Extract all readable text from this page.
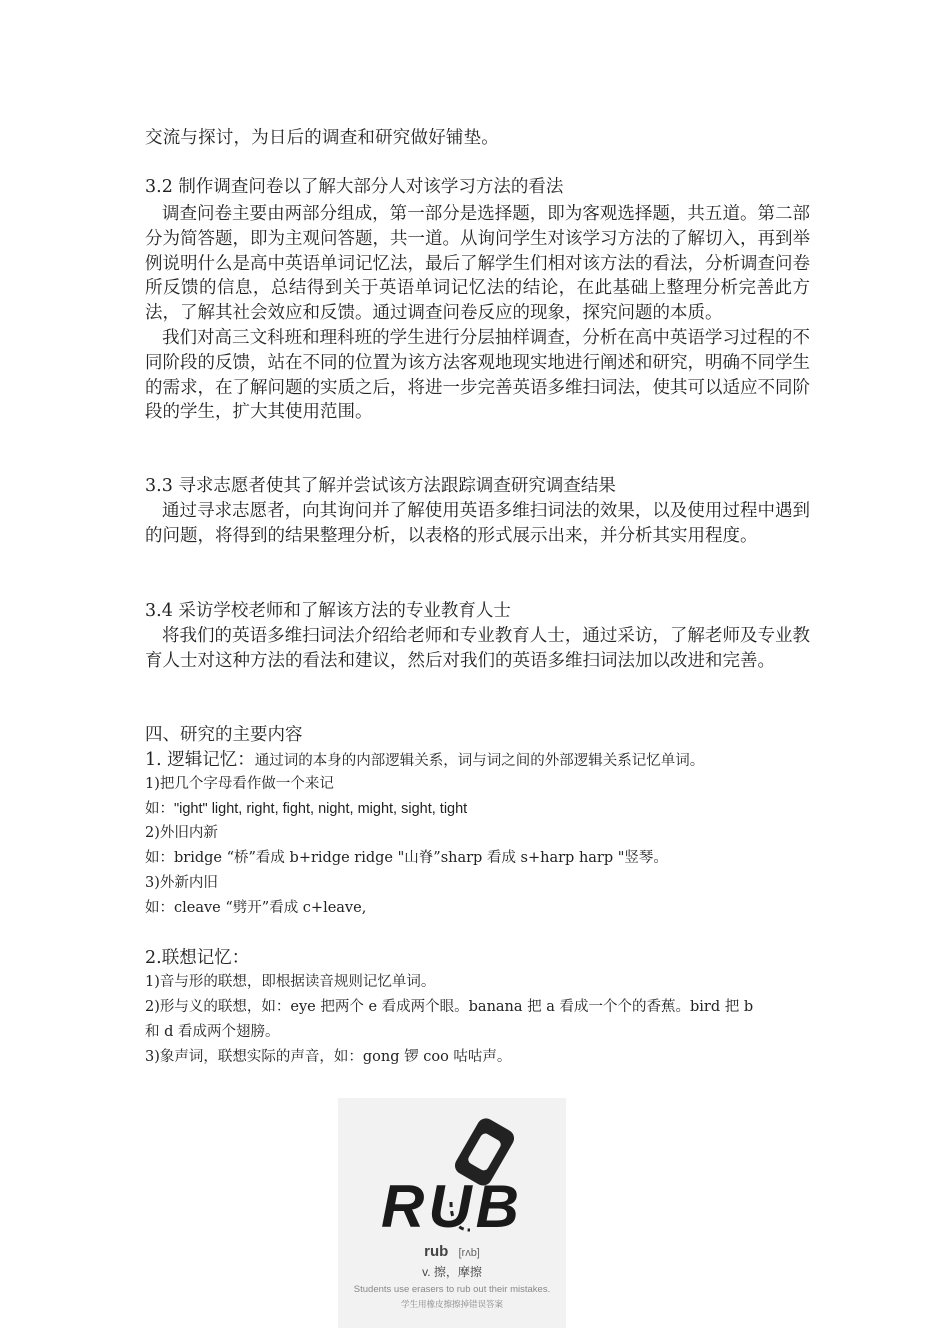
交流与探讨，为日后的调查和研究做好铺垫。
3.2 制作调查问卷以了解大部分人对该学习方法的看法

调查问卷主要由两部分组成，第一部分是选择题，即为客观选择题，共五道。第二部分为简答题，即为主观问答题，共一道。从询问学生对该学习方法的了解切入，再到举例说明什么是高中英语单词记忆法，最后了解学生们相对该方法的看法，分析调查问卷所反馈的信息，总结得到关于英语单词记忆法的结论，在此基础上整理分析完善此方法，了解其社会效应和反馈。通过调查问卷反应的现象，探究问题的本质。

我们对高三文科班和理科班的学生进行分层抽样调查，分析在高中英语学习过程的不同阶段的反馈，站在不同的位置为该方法客观地现实地进行阐述和研究，明确不同学生的需求，在了解问题的实质之后，将进一步完善英语多维扫词法，使其可以适应不同阶段的学生，扩大其使用范围。

3.3 寻求志愿者使其了解并尝试该方法跟踪调查研究调查结果

通过寻求志愿者，向其询问并了解使用英语多维扫词法的效果，以及使用过程中遇到的问题，将得到的结果整理分析，以表格的形式展示出来，并分析其实用程度。

3.4 采访学校老师和了解该方法的专业教育人士

将我们的英语多维扫词法介绍给老师和专业教育人士，通过采访，了解老师及专业教育人士对这种方法的看法和建议，然后对我们的英语多维扫词法加以改进和完善。

四、研究的主要内容
1. 逻辑记忆：通过词的本身的内部逻辑关系，词与词之间的外部逻辑关系记忆单词。
1)把几个字母看作做一个来记
如："ight" light, right, fight, night, might, sight, tight
2)外旧内新
如：bridge “桥”看成 b+ridge ridge "山脊”sharp 看成 s+harp harp "竖琴。
3)外新内旧
如：cleave “劈开”看成 c+leave,
2.联想记忆：
1)音与形的联想，即根据读音规则记忆单词。
2)形与义的联想，如：eye 把两个 e 看成两个眼。banana 把 a 看成一个个的香蕉。bird 把 b
和 d 看成两个翅膀。
3)象声词，联想实际的声音，如：gong 锣 coo 咕咕声。
RUB
rub [rʌb]
v. 擦，摩擦
Students use erasers to rub out their mistakes.
学生用橡皮擦擦掉错误答案
